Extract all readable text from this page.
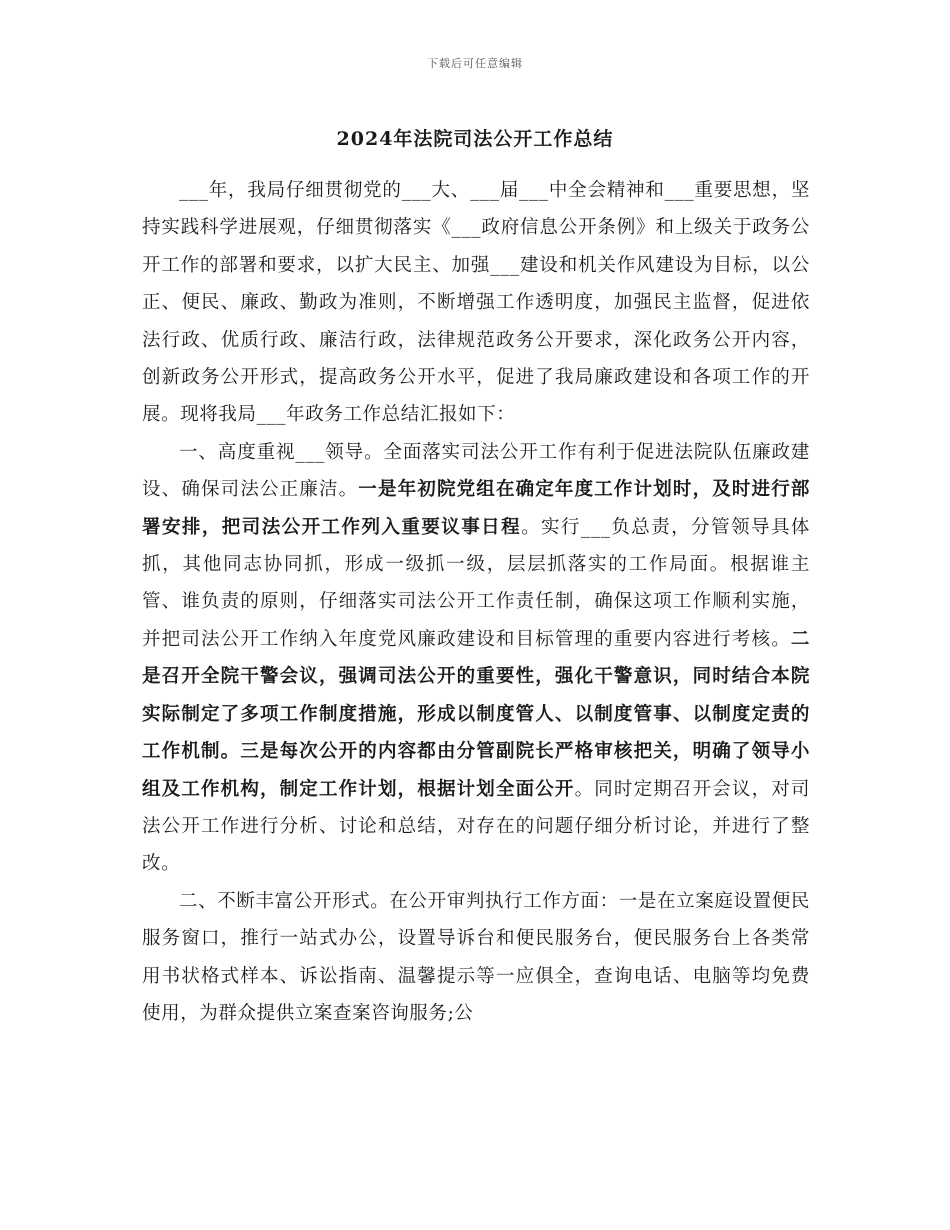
下载后可任意编辑
2024年法院司法公开工作总结

___年，我局仔细贯彻党的___大、___届___中全会精神和___重要思想，坚持实践科学进展观，仔细贯彻落实《___政府信息公开条例》和上级关于政务公开工作的部署和要求，以扩大民主、加强___建设和机关作风建设为目标，以公正、便民、廉政、勤政为准则，不断增强工作透明度，加强民主监督，促进依法行政、优质行政、廉洁行政，法律规范政务公开要求，深化政务公开内容，创新政务公开形式，提高政务公开水平，促进了我局廉政建设和各项工作的开展。现将我局___年政务工作总结汇报如下：

一、高度重视___领导。全面落实司法公开工作有利于促进法院队伍廉政建设、确保司法公正廉洁。一是年初院党组在确定年度工作计划时，及时进行部署安排，把司法公开工作列入重要议事日程。实行___负总责，分管领导具体抓，其他同志协同抓，形成一级抓一级，层层抓落实的工作局面。根据谁主管、谁负责的原则，仔细落实司法公开工作责任制，确保这项工作顺利实施，并把司法公开工作纳入年度党风廉政建设和目标管理的重要内容进行考核。二是召开全院干警会议，强调司法公开的重要性，强化干警意识，同时结合本院实际制定了多项工作制度措施，形成以制度管人、以制度管事、以制度定责的工作机制。三是每次公开的内容都由分管副院长严格审核把关，明确了领导小组及工作机构，制定工作计划，根据计划全面公开。同时定期召开会议，对司法公开工作进行分析、讨论和总结，对存在的问题仔细分析讨论，并进行了整改。

二、不断丰富公开形式。在公开审判执行工作方面：一是在立案庭设置便民服务窗口，推行一站式办公，设置导诉台和便民服务台，便民服务台上各类常用书状格式样本、诉讼指南、温馨提示等一应俱全，查询电话、电脑等均免费使用，为群众提供立案查案咨询服务;公
